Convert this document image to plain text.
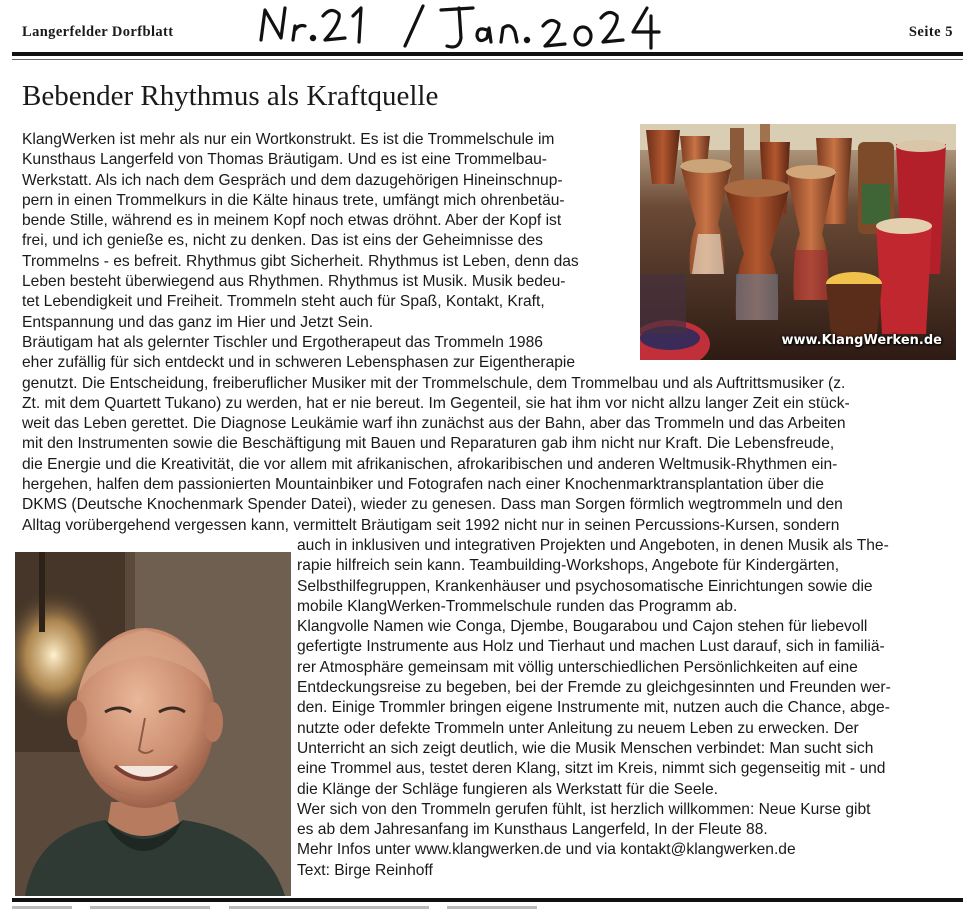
Langerfelder Dorfblatt	Seite 5
Bebender Rhythmus als Kraftquelle
KlangWerken ist mehr als nur ein Wortkonstrukt. Es ist die Trommelschule im
Kunsthaus Langerfeld von Thomas Bräutigam. Und es ist eine Trommelbau-
Werkstatt. Als ich nach dem Gespräch und dem dazugehörigen Hineinschnup-
pern in einen Trommelkurs in die Kälte hinaus trete, umfängt mich ohrenbetäu-
bende Stille, während es in meinem Kopf noch etwas dröhnt. Aber der Kopf ist
frei, und ich genieße es, nicht zu denken. Das ist eins der Geheimnisse des
Trommelns - es befreit. Rhythmus gibt Sicherheit. Rhythmus ist Leben, denn das
Leben besteht überwiegend aus Rhythmen. Rhythmus ist Musik. Musik bedeu-
tet Lebendigkeit und Freiheit. Trommeln steht auch für Spaß, Kontakt, Kraft,
Entspannung und das ganz im Hier und Jetzt Sein.
www.KlangWerken.de
Bräutigam hat als gelernter Tischler und Ergotherapeut das Trommeln 1986
eher zufällig für sich entdeckt und in schweren Lebensphasen zur Eigentherapie
genutzt. Die Entscheidung, freiberuflicher Musiker mit der Trommelschule, dem Trommelbau und als Auftrittsmusiker (z.
Zt. mit dem Quartett Tukano) zu werden, hat er nie bereut. Im Gegenteil, sie hat ihm vor nicht allzu langer Zeit ein stück-
weit das Leben gerettet. Die Diagnose Leukämie warf ihn zunächst aus der Bahn, aber das Trommeln und das Arbeiten
mit den Instrumenten sowie die Beschäftigung mit Bauen und Reparaturen gab ihm nicht nur Kraft. Die Lebensfreude,
die Energie und die Kreativität, die vor allem mit afrikanischen, afrokaribischen und anderen Weltmusik-Rhythmen ein-
hergehen, halfen dem passionierten Mountainbiker und Fotografen nach einer Knochenmarktransplantation über die
DKMS (Deutsche Knochenmark Spender Datei), wieder zu genesen. Dass man Sorgen förmlich wegtrommeln und den
Alltag vorübergehend vergessen kann, vermittelt Bräutigam seit 1992 nicht nur in seinen Percussions-Kursen, sondern
auch in inklusiven und integrativen Projekten und Angeboten, in denen Musik als The-
rapie hilfreich sein kann. Teambuilding-Workshops, Angebote für Kindergärten,
Selbsthilfegruppen, Krankenhäuser und psychosomatische Einrichtungen sowie die
mobile KlangWerken-Trommelschule runden das Programm ab.
Klangvolle Namen wie Conga, Djembe, Bougarabou und Cajon stehen für liebevoll
gefertigte Instrumente aus Holz und Tierhaut und machen Lust darauf, sich in familiä-
rer Atmosphäre gemeinsam mit völlig unterschiedlichen Persönlichkeiten auf eine
Entdeckungsreise zu begeben, bei der Fremde zu gleichgesinnten und Freunden wer-
den. Einige Trommler bringen eigene Instrumente mit, nutzen auch die Chance, abge-
nutzte oder defekte Trommeln unter Anleitung zu neuem Leben zu erwecken. Der
Unterricht an sich zeigt deutlich, wie die Musik Menschen verbindet: Man sucht sich
eine Trommel aus, testet deren Klang, sitzt im Kreis, nimmt sich gegenseitig mit - und
die Klänge der Schläge fungieren als Werkstatt für die Seele.
Wer sich von den Trommeln gerufen fühlt, ist herzlich willkommen: Neue Kurse gibt
es ab dem Jahresanfang im Kunsthaus Langerfeld, In der Fleute 88.
Mehr Infos unter www.klangwerken.de und via kontakt@klangwerken.de
Text: Birge Reinhoff
